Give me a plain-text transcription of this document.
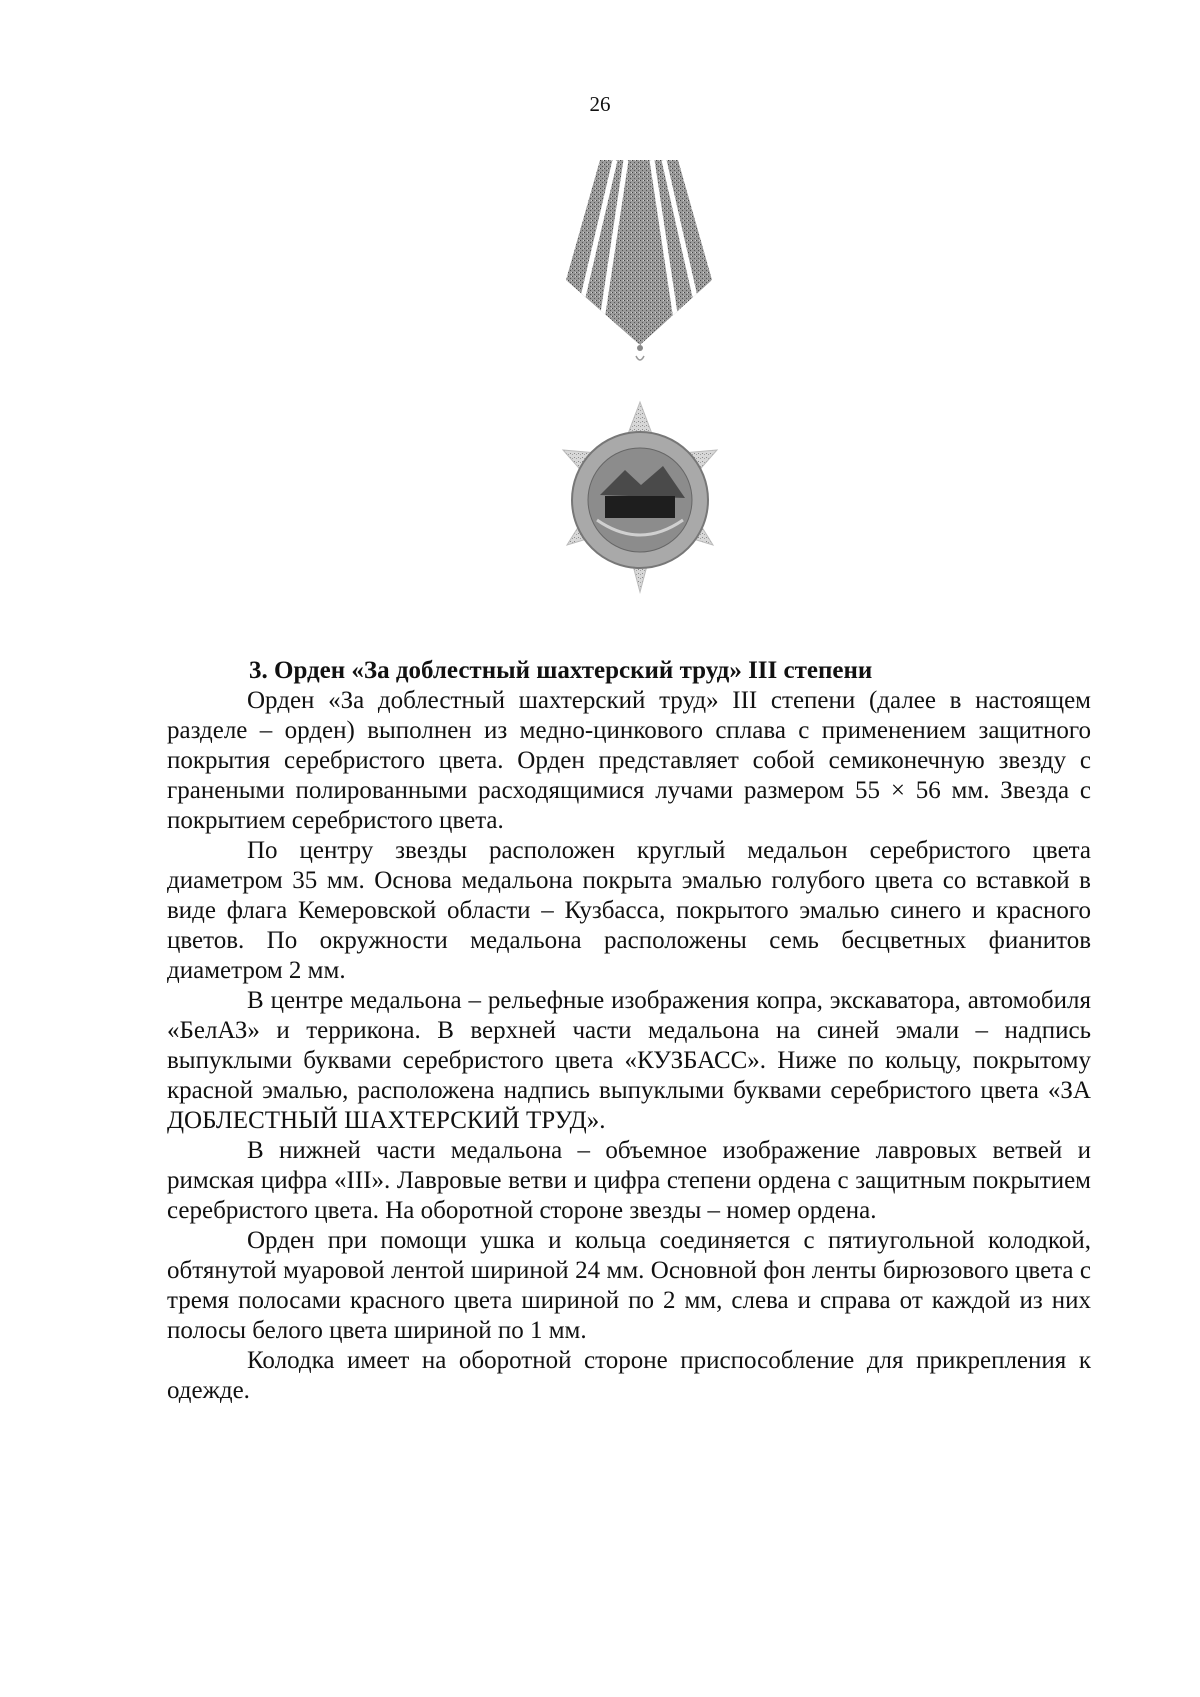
26
3. Орден «За доблестный шахтерский труд» III степени

Орден «За доблестный шахтерский труд» III степени (далее в настоящем разделе – орден) выполнен из медно-цинкового сплава с применением защитного покрытия серебристого цвета. Орден представляет собой семиконечную звезду с гранеными полированными расходящимися лучами размером 55 × 56 мм. Звезда с покрытием серебристого цвета.

По центру звезды расположен круглый медальон серебристого цвета диаметром 35 мм. Основа медальона покрыта эмалью голубого цвета со вставкой в виде флага Кемеровской области – Кузбасса, покрытого эмалью синего и красного цветов. По окружности медальона расположены семь бесцветных фианитов диаметром 2 мм.

В центре медальона – рельефные изображения копра, экскаватора, автомобиля «БелАЗ» и терриконa. В верхней части медальона на синей эмали – надпись выпуклыми буквами серебристого цвета «КУЗБАСС». Ниже по кольцу, покрытому красной эмалью, расположена надпись выпуклыми буквами серебристого цвета «ЗА ДОБЛЕСТНЫЙ ШАХТЕРСКИЙ ТРУД».

В нижней части медальона – объемное изображение лавровых ветвей и римская цифра «III». Лавровые ветви и цифра степени ордена с защитным покрытием серебристого цвета. На оборотной стороне звезды – номер ордена.

Орден при помощи ушка и кольца соединяется с пятиугольной колодкой, обтянутой муаровой лентой шириной 24 мм. Основной фон ленты бирюзового цвета с тремя полосами красного цвета шириной по 2 мм, слева и справа от каждой из них полосы белого цвета шириной по 1 мм.

Колодка имеет на оборотной стороне приспособление для прикрепления к одежде.
